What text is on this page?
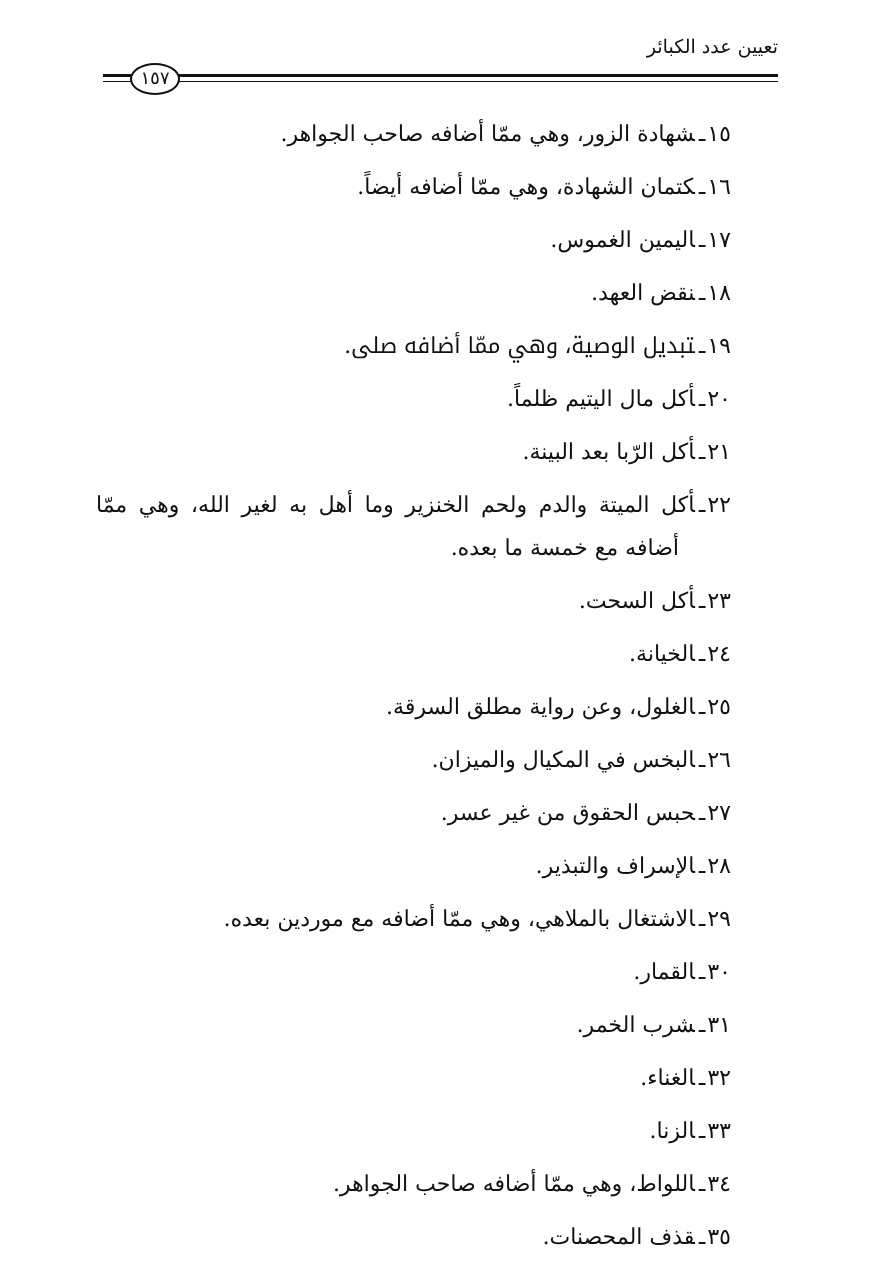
تعيين عدد الكبائر
١٥٧
١٥ـشهادة الزور، وهي ممّا أضافه صاحب الجواهر.
١٦ـكتمان الشهادة، وهي ممّا أضافه أيضاً.
١٧ـاليمين الغموس.
١٨ـنقض العهد.
١٩ـتبديل الوصية، وهي ممّا أضافه ﷹ.
٢٠ـأكل مال اليتيم ظلماً.
٢١ـأكل الرّبا بعد البينة.
٢٢ـأكل الميتة والدم ولحم الخنزير وما أهل به لغير الله، وهي ممّا
أضافه مع خمسة ما بعده.
٢٣ـأكل السحت.
٢٤ـالخيانة.
٢٥ـالغلول، وعن رواية مطلق السرقة.
٢٦ـالبخس في المكيال والميزان.
٢٧ـحبس الحقوق من غير عسر.
٢٨ـالإسراف والتبذير.
٢٩ـالاشتغال بالملاهي، وهي ممّا أضافه مع موردين بعده.
٣٠ـالقمار.
٣١ـشرب الخمر.
٣٢ـالغناء.
٣٣ـالزنا.
٣٤ـاللواط، وهي ممّا أضافه صاحب الجواهر.
٣٥ـقذف المحصنات.
